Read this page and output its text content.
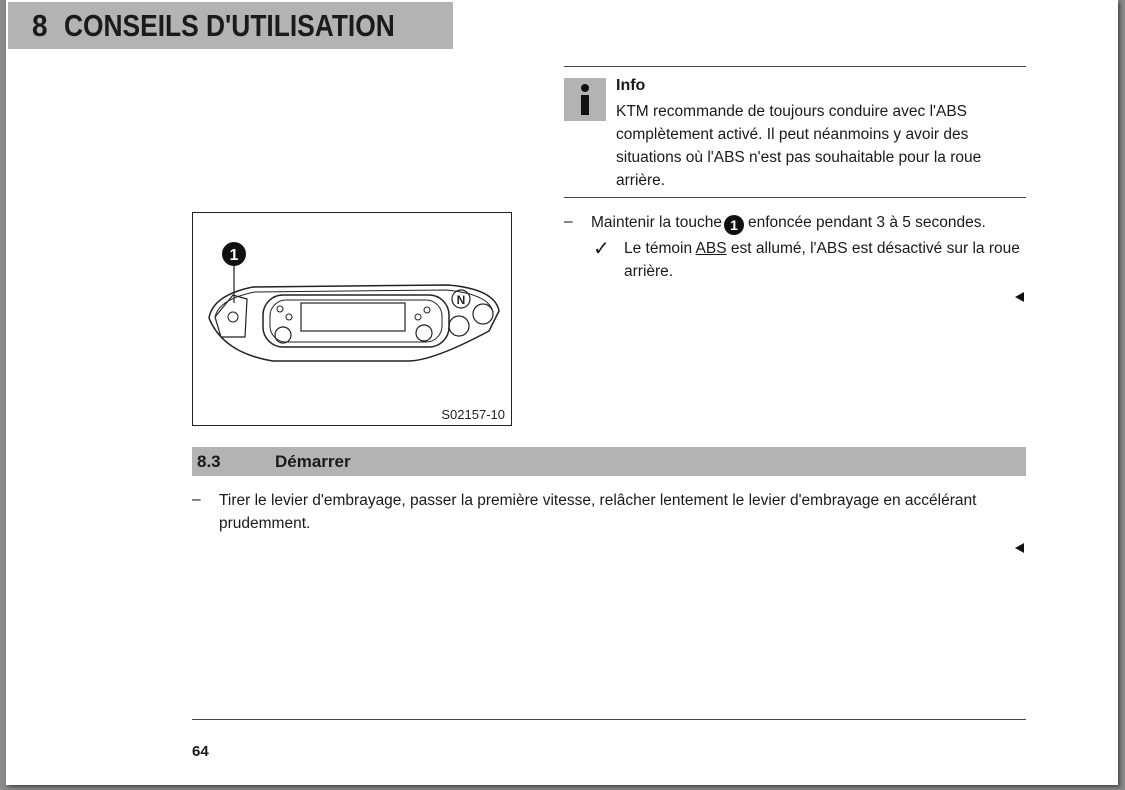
8 CONSEILS D'UTILISATION
Info
KTM recommande de toujours conduire avec l'ABS complètement activé. Il peut néanmoins y avoir des situations où l'ABS n'est pas souhaitable pour la roue arrière.
1
N
S02157-10
– Maintenir la touche 1 enfoncée pendant 3 à 5 secondes.
✓ Le témoin ABS est allumé, l'ABS est désactivé sur la roue arrière.
8.3	Démarrer
– Tirer le levier d'embrayage, passer la première vitesse, relâcher lentement le levier d'embrayage en accélérant prudemment.
64
